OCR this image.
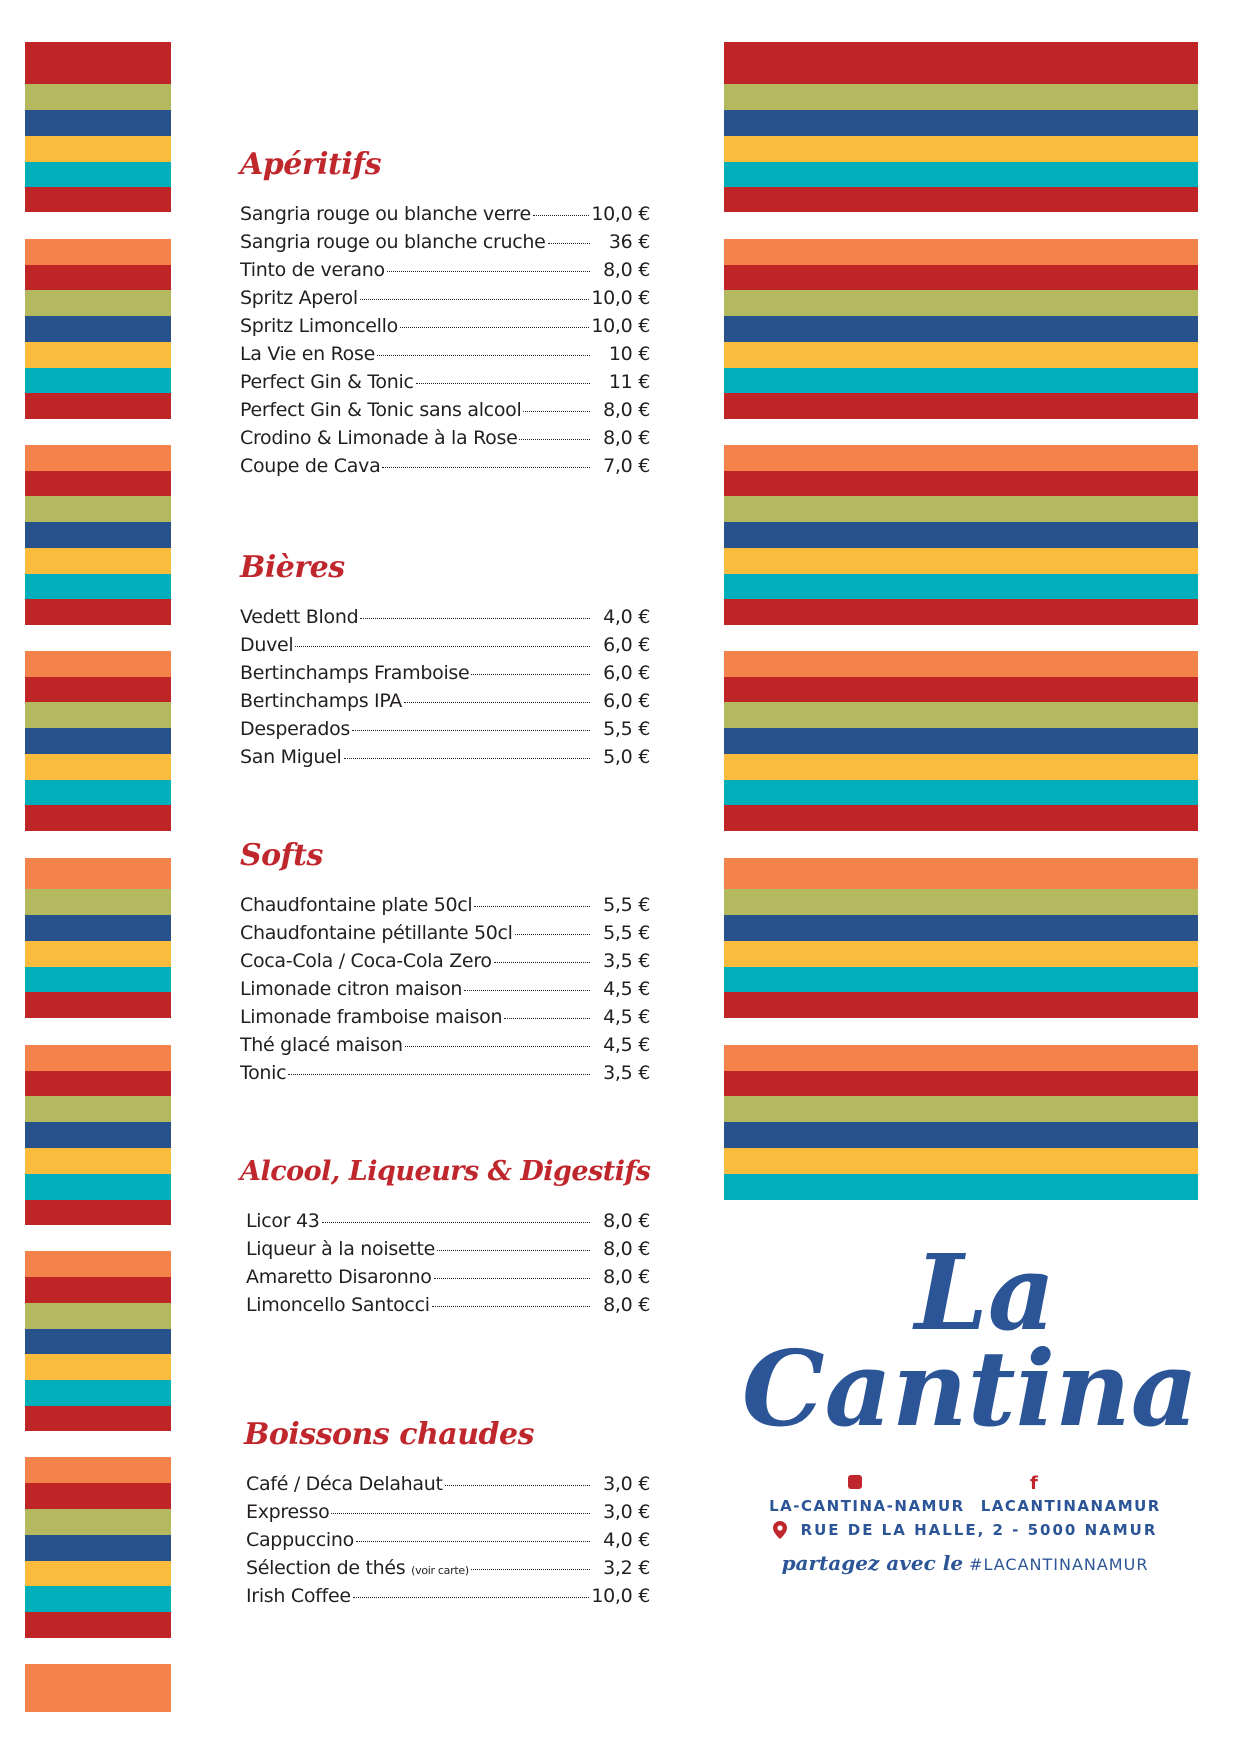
Apéritifs
Sangria rouge ou blanche verre	10,0 €
Sangria rouge ou blanche cruche	36 €
Tinto de verano	8,0 €
Spritz Aperol	10,0 €
Spritz Limoncello	10,0 €
La Vie en Rose	10 €
Perfect Gin & Tonic	11 €
Perfect Gin & Tonic sans alcool	8,0 €
Crodino & Limonade à la Rose	8,0 €
Coupe de Cava	7,0 €
Bières
Vedett Blond	4,0 €
Duvel	6,0 €
Bertinchamps Framboise	6,0 €
Bertinchamps IPA	6,0 €
Desperados	5,5 €
San Miguel	5,0 €
Softs
Chaudfontaine plate 50cl	5,5 €
Chaudfontaine pétillante 50cl	5,5 €
Coca-Cola / Coca-Cola Zero	3,5 €
Limonade citron maison	4,5 €
Limonade framboise maison	4,5 €
Thé glacé maison	4,5 €
Tonic	3,5 €
Alcool, Liqueurs & Digestifs
Licor 43	8,0 €
Liqueur à la noisette	8,0 €
Amaretto Disaronno	8,0 €
Limoncello Santocci	8,0 €
Boissons chaudes
Café / Déca Delahaut	3,0 €
Expresso	3,0 €
Cappuccino	4,0 €
Sélection de thés (voir carte)	3,2 €
Irish Coffee	10,0 €
La
Cantina
f
LA-CANTINA-NAMUR LACANTINANAMUR
RUE DE LA HALLE, 2 - 5000 NAMUR
partagez avec le #LACANTINANAMUR
